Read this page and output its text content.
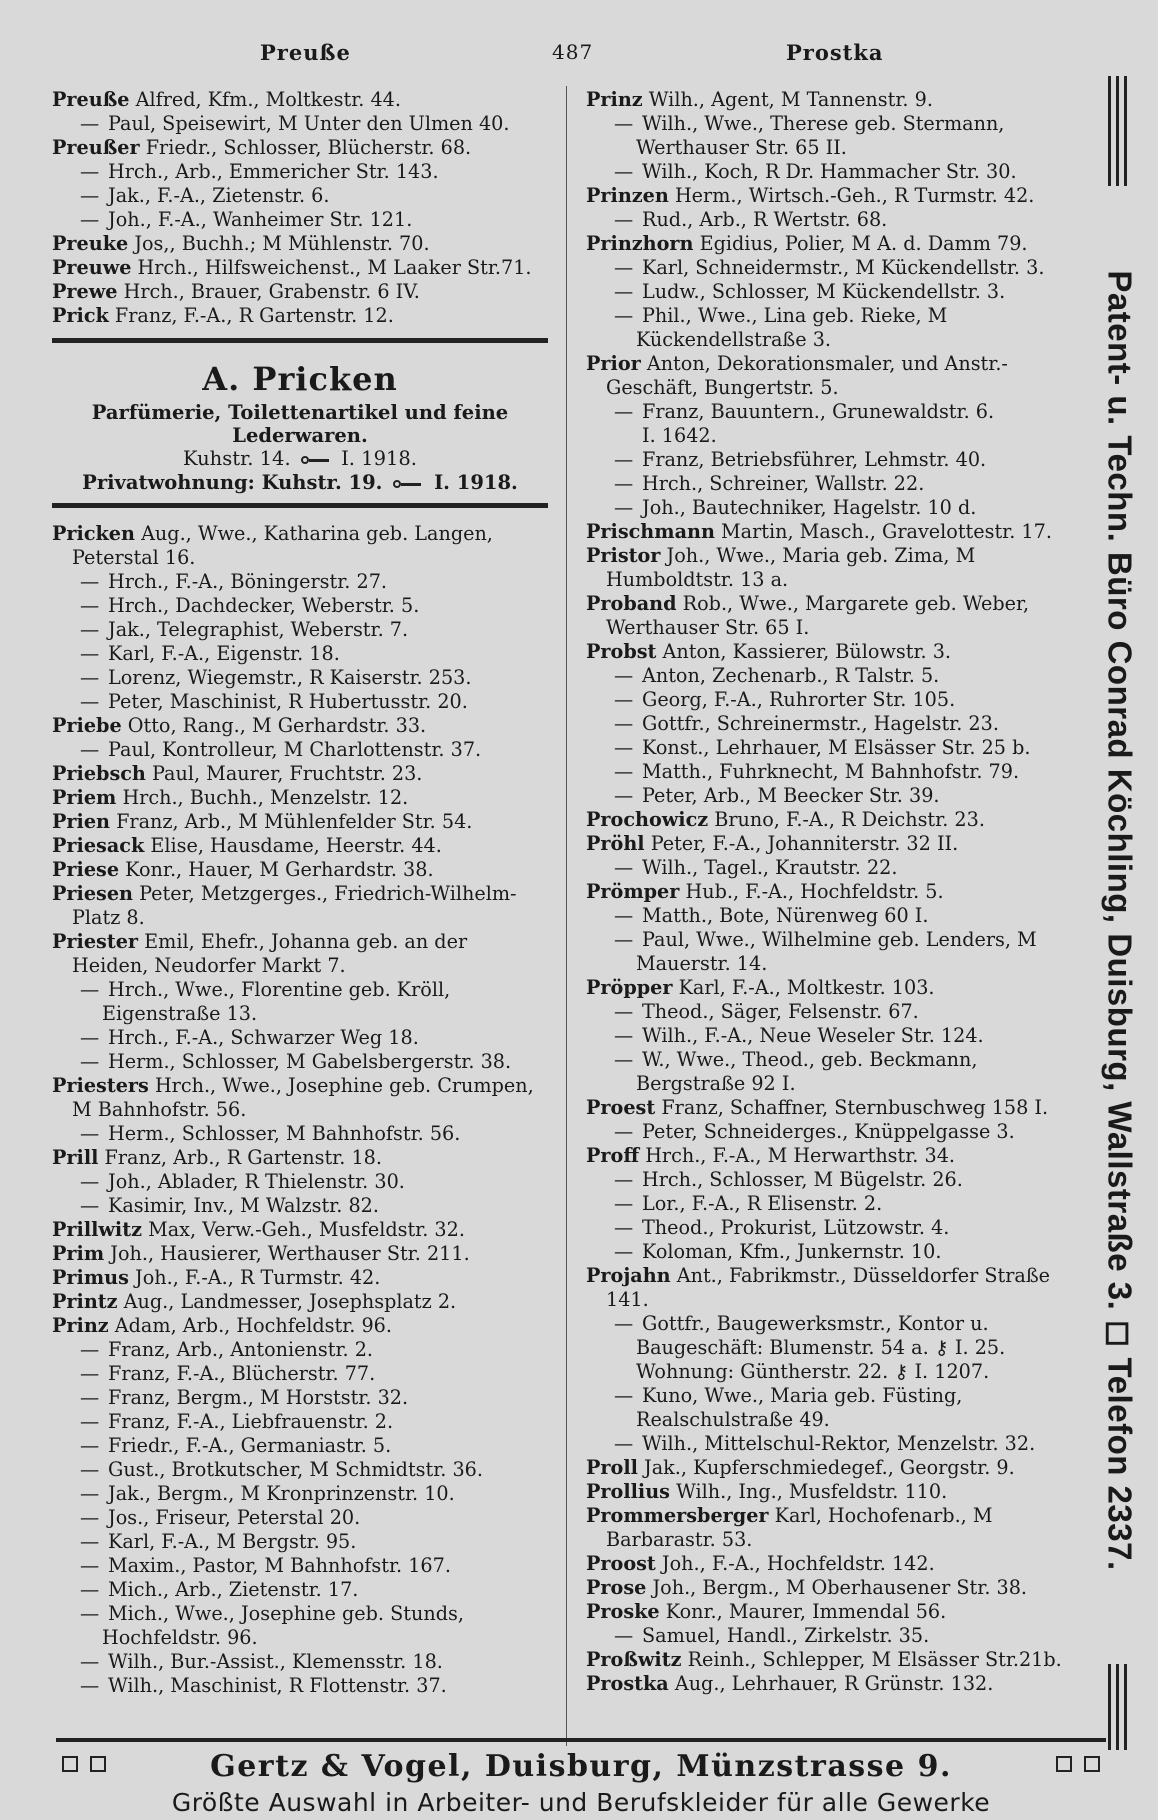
Preuße	487	Prostka

Preuße Alfred, Kfm., Moltkestr. 44.

— Paul, Speisewirt, M Unter den Ulmen 40.

Preußer Friedr., Schlosser, Blücherstr. 68.

— Hrch., Arb., Emmericher Str. 143.

— Jak., F.-A., Zietenstr. 6.

— Joh., F.-A., Wanheimer Str. 121.

Preuke Jos,, Buchh.; M Mühlenstr. 70.

Preuwe Hrch., Hilfsweichenst., M Laaker Str.71.

Prewe Hrch., Brauer, Grabenstr. 6 IV.

Prick Franz, F.-A., R Gartenstr. 12.

A. Pricken
Parfümerie, Toilettenartikel und feine
Lederwaren.
Kuhstr. 14.	I. 1918.
Privatwohnung: Kuhstr. 19.	I. 1918.

Pricken Aug., Wwe., Katharina geb. Langen, Peterstal 16.

— Hrch., F.-A., Böningerstr. 27.

— Hrch., Dachdecker, Weberstr. 5.

— Jak., Telegraphist, Weberstr. 7.

— Karl, F.-A., Eigenstr. 18.

— Lorenz, Wiegemstr., R Kaiserstr. 253.

— Peter, Maschinist, R Hubertusstr. 20.

Priebe Otto, Rang., M Gerhardstr. 33.

— Paul, Kontrolleur, M Charlottenstr. 37.

Priebsch Paul, Maurer, Fruchtstr. 23.

Priem Hrch., Buchh., Menzelstr. 12.

Prien Franz, Arb., M Mühlenfelder Str. 54.

Priesack Elise, Hausdame, Heerstr. 44.

Priese Konr., Hauer, M Gerhardstr. 38.

Priesen Peter, Metzgerges., Friedrich-Wilhelm-Platz 8.

Priester Emil, Ehefr., Johanna geb. an der Heiden, Neudorfer Markt 7.

— Hrch., Wwe., Florentine geb. Kröll, Eigenstraße 13.

— Hrch., F.-A., Schwarzer Weg 18.

— Herm., Schlosser, M Gabelsbergerstr. 38.

Priesters Hrch., Wwe., Josephine geb. Crumpen, M Bahnhofstr. 56.

— Herm., Schlosser, M Bahnhofstr. 56.

Prill Franz, Arb., R Gartenstr. 18.

— Joh., Ablader, R Thielenstr. 30.

— Kasimir, Inv., M Walzstr. 82.

Prillwitz Max, Verw.-Geh., Musfeldstr. 32.

Prim Joh., Hausierer, Werthauser Str. 211.

Primus Joh., F.-A., R Turmstr. 42.

Printz Aug., Landmesser, Josephsplatz 2.

Prinz Adam, Arb., Hochfeldstr. 96.

— Franz, Arb., Antonienstr. 2.

— Franz, F.-A., Blücherstr. 77.

— Franz, Bergm., M Horststr. 32.

— Franz, F.-A., Liebfrauenstr. 2.

— Friedr., F.-A., Germaniastr. 5.

— Gust., Brotkutscher, M Schmidtstr. 36.

— Jak., Bergm., M Kronprinzenstr. 10.

— Jos., Friseur, Peterstal 20.

— Karl, F.-A., M Bergstr. 95.

— Maxim., Pastor, M Bahnhofstr. 167.

— Mich., Arb., Zietenstr. 17.

— Mich., Wwe., Josephine geb. Stunds, Hochfeldstr. 96.

— Wilh., Bur.-Assist., Klemensstr. 18.

— Wilh., Maschinist, R Flottenstr. 37.

Prinz Wilh., Agent, M Tannenstr. 9.

— Wilh., Wwe., Therese geb. Stermann, Werthauser Str. 65 II.

— Wilh., Koch, R Dr. Hammacher Str. 30.

Prinzen Herm., Wirtsch.-Geh., R Turmstr. 42.

— Rud., Arb., R Wertstr. 68.

Prinzhorn Egidius, Polier, M A. d. Damm 79.

— Karl, Schneidermstr., M Kückendellstr. 3.

— Ludw., Schlosser, M Kückendellstr. 3.

— Phil., Wwe., Lina geb. Rieke, M Kückendellstraße 3.

Prior Anton, Dekorationsmaler, und Anstr.-Geschäft, Bungertstr. 5.

— Franz, Bauuntern., Grunewaldstr. 6.

I. 1642.

— Franz, Betriebsführer, Lehmstr. 40.

— Hrch., Schreiner, Wallstr. 22.

— Joh., Bautechniker, Hagelstr. 10 d.

Prischmann Martin, Masch., Gravelottestr. 17.

Pristor Joh., Wwe., Maria geb. Zima, M Humboldtstr. 13 a.

Proband Rob., Wwe., Margarete geb. Weber, Werthauser Str. 65 I.

Probst Anton, Kassierer, Bülowstr. 3.

— Anton, Zechenarb., R Talstr. 5.

— Georg, F.-A., Ruhrorter Str. 105.

— Gottfr., Schreinermstr., Hagelstr. 23.

— Konst., Lehrhauer, M Elsässer Str. 25 b.

— Matth., Fuhrknecht, M Bahnhofstr. 79.

— Peter, Arb., M Beecker Str. 39.

Prochowicz Bruno, F.-A., R Deichstr. 23.

Pröhl Peter, F.-A., Johanniterstr. 32 II.

— Wilh., Tagel., Krautstr. 22.

Prömper Hub., F.-A., Hochfeldstr. 5.

— Matth., Bote, Nürenweg 60 I.

— Paul, Wwe., Wilhelmine geb. Lenders, M Mauerstr. 14.

Pröpper Karl, F.-A., Moltkestr. 103.

— Theod., Säger, Felsenstr. 67.

— Wilh., F.-A., Neue Weseler Str. 124.

— W., Wwe., Theod., geb. Beckmann, Bergstraße 92 I.

Proest Franz, Schaffner, Sternbuschweg 158 I.

— Peter, Schneiderges., Knüppelgasse 3.

Proff Hrch., F.-A., M Herwarthstr. 34.

— Hrch., Schlosser, M Bügelstr. 26.

— Lor., F.-A., R Elisenstr. 2.

— Theod., Prokurist, Lützowstr. 4.

— Koloman, Kfm., Junkernstr. 10.

Projahn Ant., Fabrikmstr., Düsseldorfer Straße 141.

— Gottfr., Baugewerksmstr., Kontor u. Baugeschäft: Blumenstr. 54 a. ⚷ I. 25. Wohnung: Güntherstr. 22. ⚷ I. 1207.

— Kuno, Wwe., Maria geb. Füsting, Realschulstraße 49.

— Wilh., Mittelschul-Rektor, Menzelstr. 32.

Proll Jak., Kupferschmiedegef., Georgstr. 9.

Prollius Wilh., Ing., Musfeldstr. 110.

Prommersberger Karl, Hochofenarb., M Barbarastr. 53.

Proost Joh., F.-A., Hochfeldstr. 142.

Prose Joh., Bergm., M Oberhausener Str. 38.

Proske Konr., Maurer, Immendal 56.

— Samuel, Handl., Zirkelstr. 35.

Proßwitz Reinh., Schlepper, M Elsässer Str.21b.

Prostka Aug., Lehrhauer, R Grünstr. 132.

Patent- u. Techn. Büro Conrad Köchling, Duisburg, Wallstraße 3. ◻ Telefon 2337.
Gertz & Vogel, Duisburg, Münzstrasse 9.
Größte Auswahl in Arbeiter- und Berufskleider für alle Gewerke
